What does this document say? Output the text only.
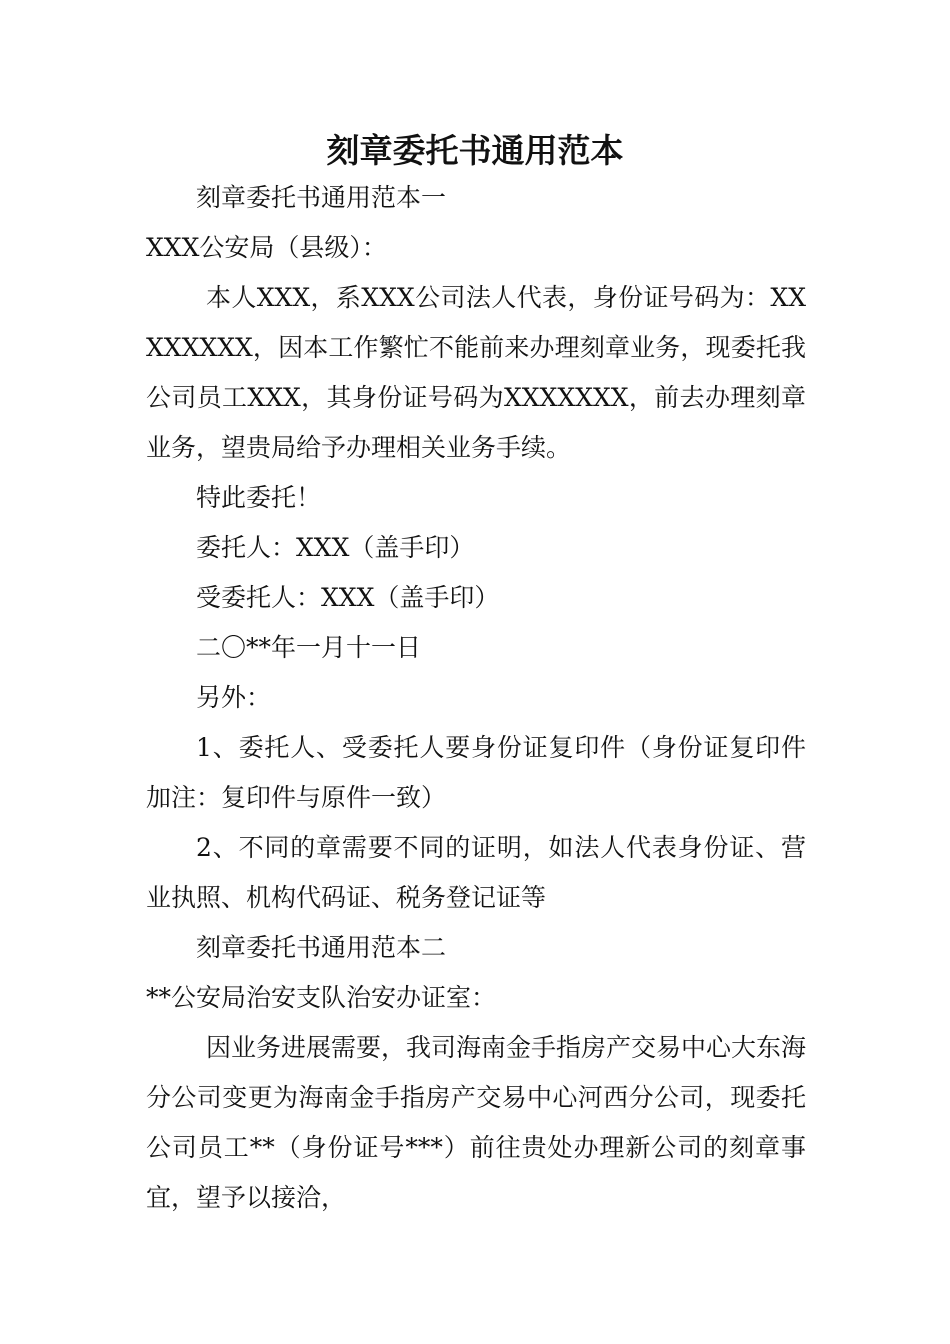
刻章委托书通用范本

刻章委托书通用范本一

XXX公安局（县级）：

本人XXX，系XXX公司法人代表，身份证号码为：XXXXXXXX，因本工作繁忙不能前来办理刻章业务，现委托我公司员工XXX，其身份证号码为XXXXXXX，前去办理刻章业务，望贵局给予办理相关业务手续。

特此委托！

委托人：XXX（盖手印）

受委托人：XXX（盖手印）

二〇**年一月十一日

另外：

1、委托人、受委托人要身份证复印件（身份证复印件加注：复印件与原件一致）

2、不同的章需要不同的证明，如法人代表身份证、营业执照、机构代码证、税务登记证等

刻章委托书通用范本二

**公安局治安支队治安办证室：

因业务进展需要，我司海南金手指房产交易中心大东海分公司变更为海南金手指房产交易中心河西分公司，现委托公司员工**（身份证号***）前往贵处办理新公司的刻章事宜，望予以接洽，
